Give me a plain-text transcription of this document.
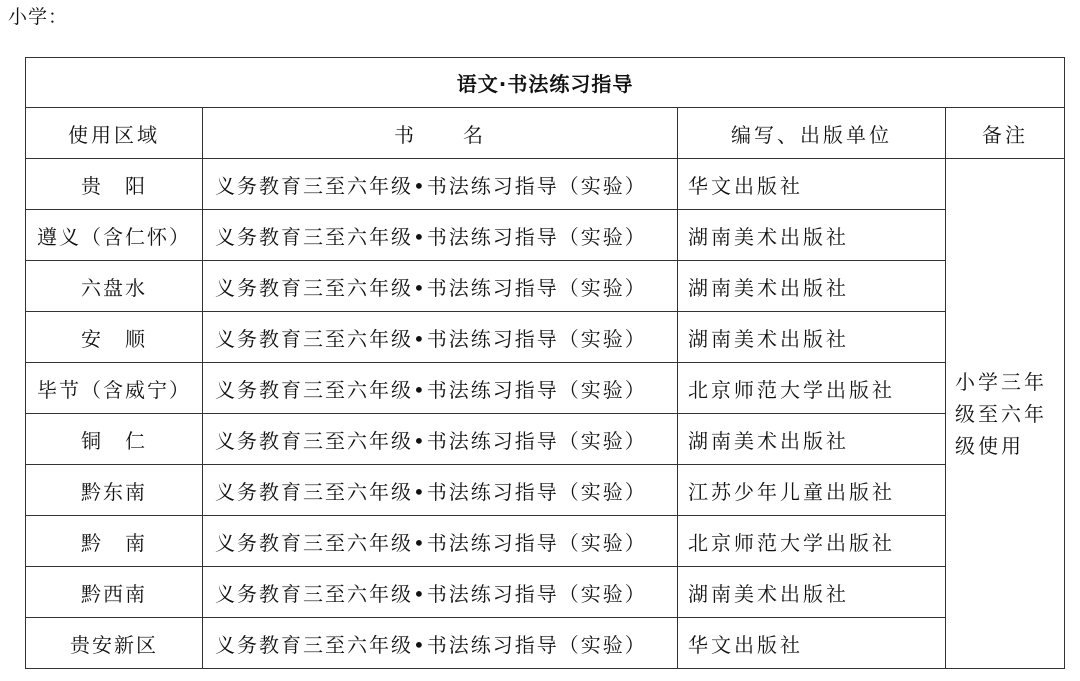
小学：
语文·书法练习指导			
使用区域	书　　名	编写、出版单位	备注
贵　阳	义务教育三至六年级•书法练习指导（实验）	华文出版社	小学三年级至六年级使用
遵义（含仁怀）	义务教育三至六年级•书法练习指导（实验）	湖南美术出版社	
六盘水	义务教育三至六年级•书法练习指导（实验）	湖南美术出版社	
安　顺	义务教育三至六年级•书法练习指导（实验）	湖南美术出版社	
毕节（含威宁）	义务教育三至六年级•书法练习指导（实验）	北京师范大学出版社	
铜　仁	义务教育三至六年级•书法练习指导（实验）	湖南美术出版社	
黔东南	义务教育三至六年级•书法练习指导（实验）	江苏少年儿童出版社	
黔　南	义务教育三至六年级•书法练习指导（实验）	北京师范大学出版社	
黔西南	义务教育三至六年级•书法练习指导（实验）	湖南美术出版社	
贵安新区	义务教育三至六年级•书法练习指导（实验）	华文出版社	
